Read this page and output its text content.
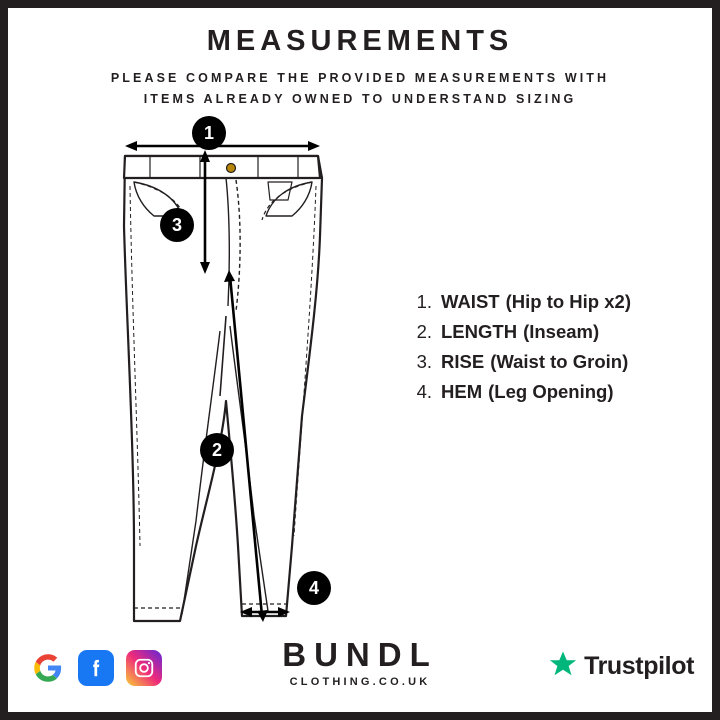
MEASUREMENTS
PLEASE COMPARE THE PROVIDED MEASUREMENTS WITH
ITEMS ALREADY OWNED TO UNDERSTAND SIZING
1
2
3
4
1. WAIST (Hip to Hip x2)
2. LENGTH (Inseam)
3. RISE (Waist to Groin)
4. HEM (Leg Opening)
BUNDL
CLOTHING.CO.UK
Trustpilot
